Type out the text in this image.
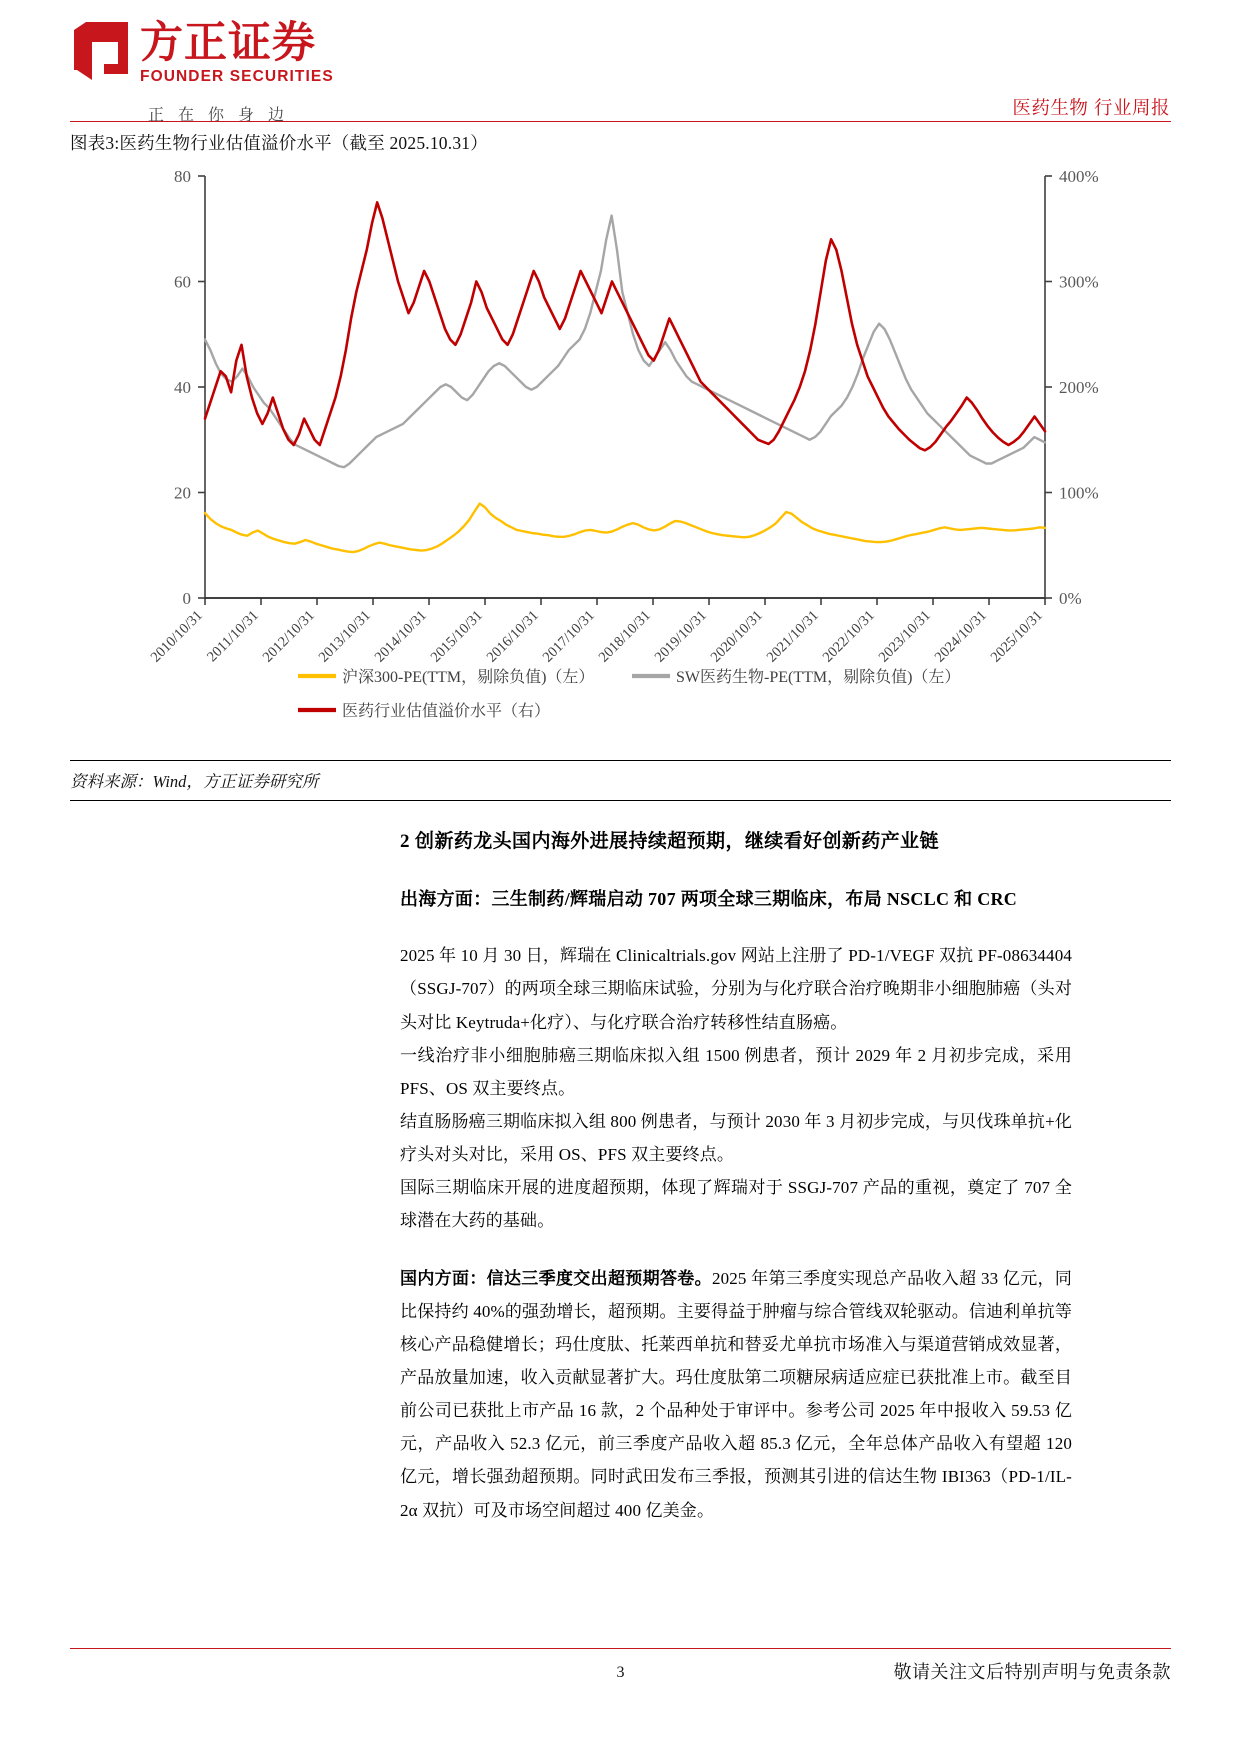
方正证券
FOUNDER SECURITIES
正在你身边	医药生物 行业周报
图表3:医药生物行业估值溢价水平（截至 2025.10.31）
0
20
40
60
80
0%
100%
200%
300%
400%
2010/10/31
2011/10/31
2012/10/31
2013/10/31
2014/10/31
2015/10/31
2016/10/31
2017/10/31
2018/10/31
2019/10/31
2020/10/31
2021/10/31
2022/10/31
2023/10/31
2024/10/31
2025/10/31
沪深300-PE(TTM，剔除负值)（左）	SW医药生物-PE(TTM，剔除负值)（左）
医药行业估值溢价水平（右）
资料来源：Wind，方正证券研究所
2 创新药龙头国内海外进展持续超预期，继续看好创新药产业链
出海方面：三生制药/辉瑞启动 707 两项全球三期临床，布局 NSCLC 和 CRC

2025 年 10 月 30 日，辉瑞在 Clinicaltrials.gov 网站上注册了 PD-1/VEGF 双抗 PF-08634404（SSGJ-707）的两项全球三期临床试验，分别为与化疗联合治疗晚期非小细胞肺癌（头对头对比 Keytruda+化疗）、与化疗联合治疗转移性结直肠癌。

一线治疗非小细胞肺癌三期临床拟入组 1500 例患者，预计 2029 年 2 月初步完成，采用 PFS、OS 双主要终点。

结直肠肠癌三期临床拟入组 800 例患者，与预计 2030 年 3 月初步完成，与贝伐珠单抗+化疗头对头对比，采用 OS、PFS 双主要终点。

国际三期临床开展的进度超预期，体现了辉瑞对于 SSGJ-707 产品的重视，奠定了 707 全球潜在大药的基础。

国内方面：信达三季度交出超预期答卷。2025 年第三季度实现总产品收入超 33 亿元，同比保持约 40%的强劲增长，超预期。主要得益于肿瘤与综合管线双轮驱动。信迪利单抗等核心产品稳健增长；玛仕度肽、托莱西单抗和替妥尤单抗市场准入与渠道营销成效显著，产品放量加速，收入贡献显著扩大。玛仕度肽第二项糖尿病适应症已获批准上市。截至目前公司已获批上市产品 16 款，2 个品种处于审评中。参考公司 2025 年中报收入 59.53 亿元，产品收入 52.3 亿元，前三季度产品收入超 85.3 亿元，全年总体产品收入有望超 120 亿元，增长强劲超预期。同时武田发布三季报，预测其引进的信达生物 IBI363（PD-1/IL-2α 双抗）可及市场空间超过 400 亿美金。

3	敬请关注文后特别声明与免责条款
